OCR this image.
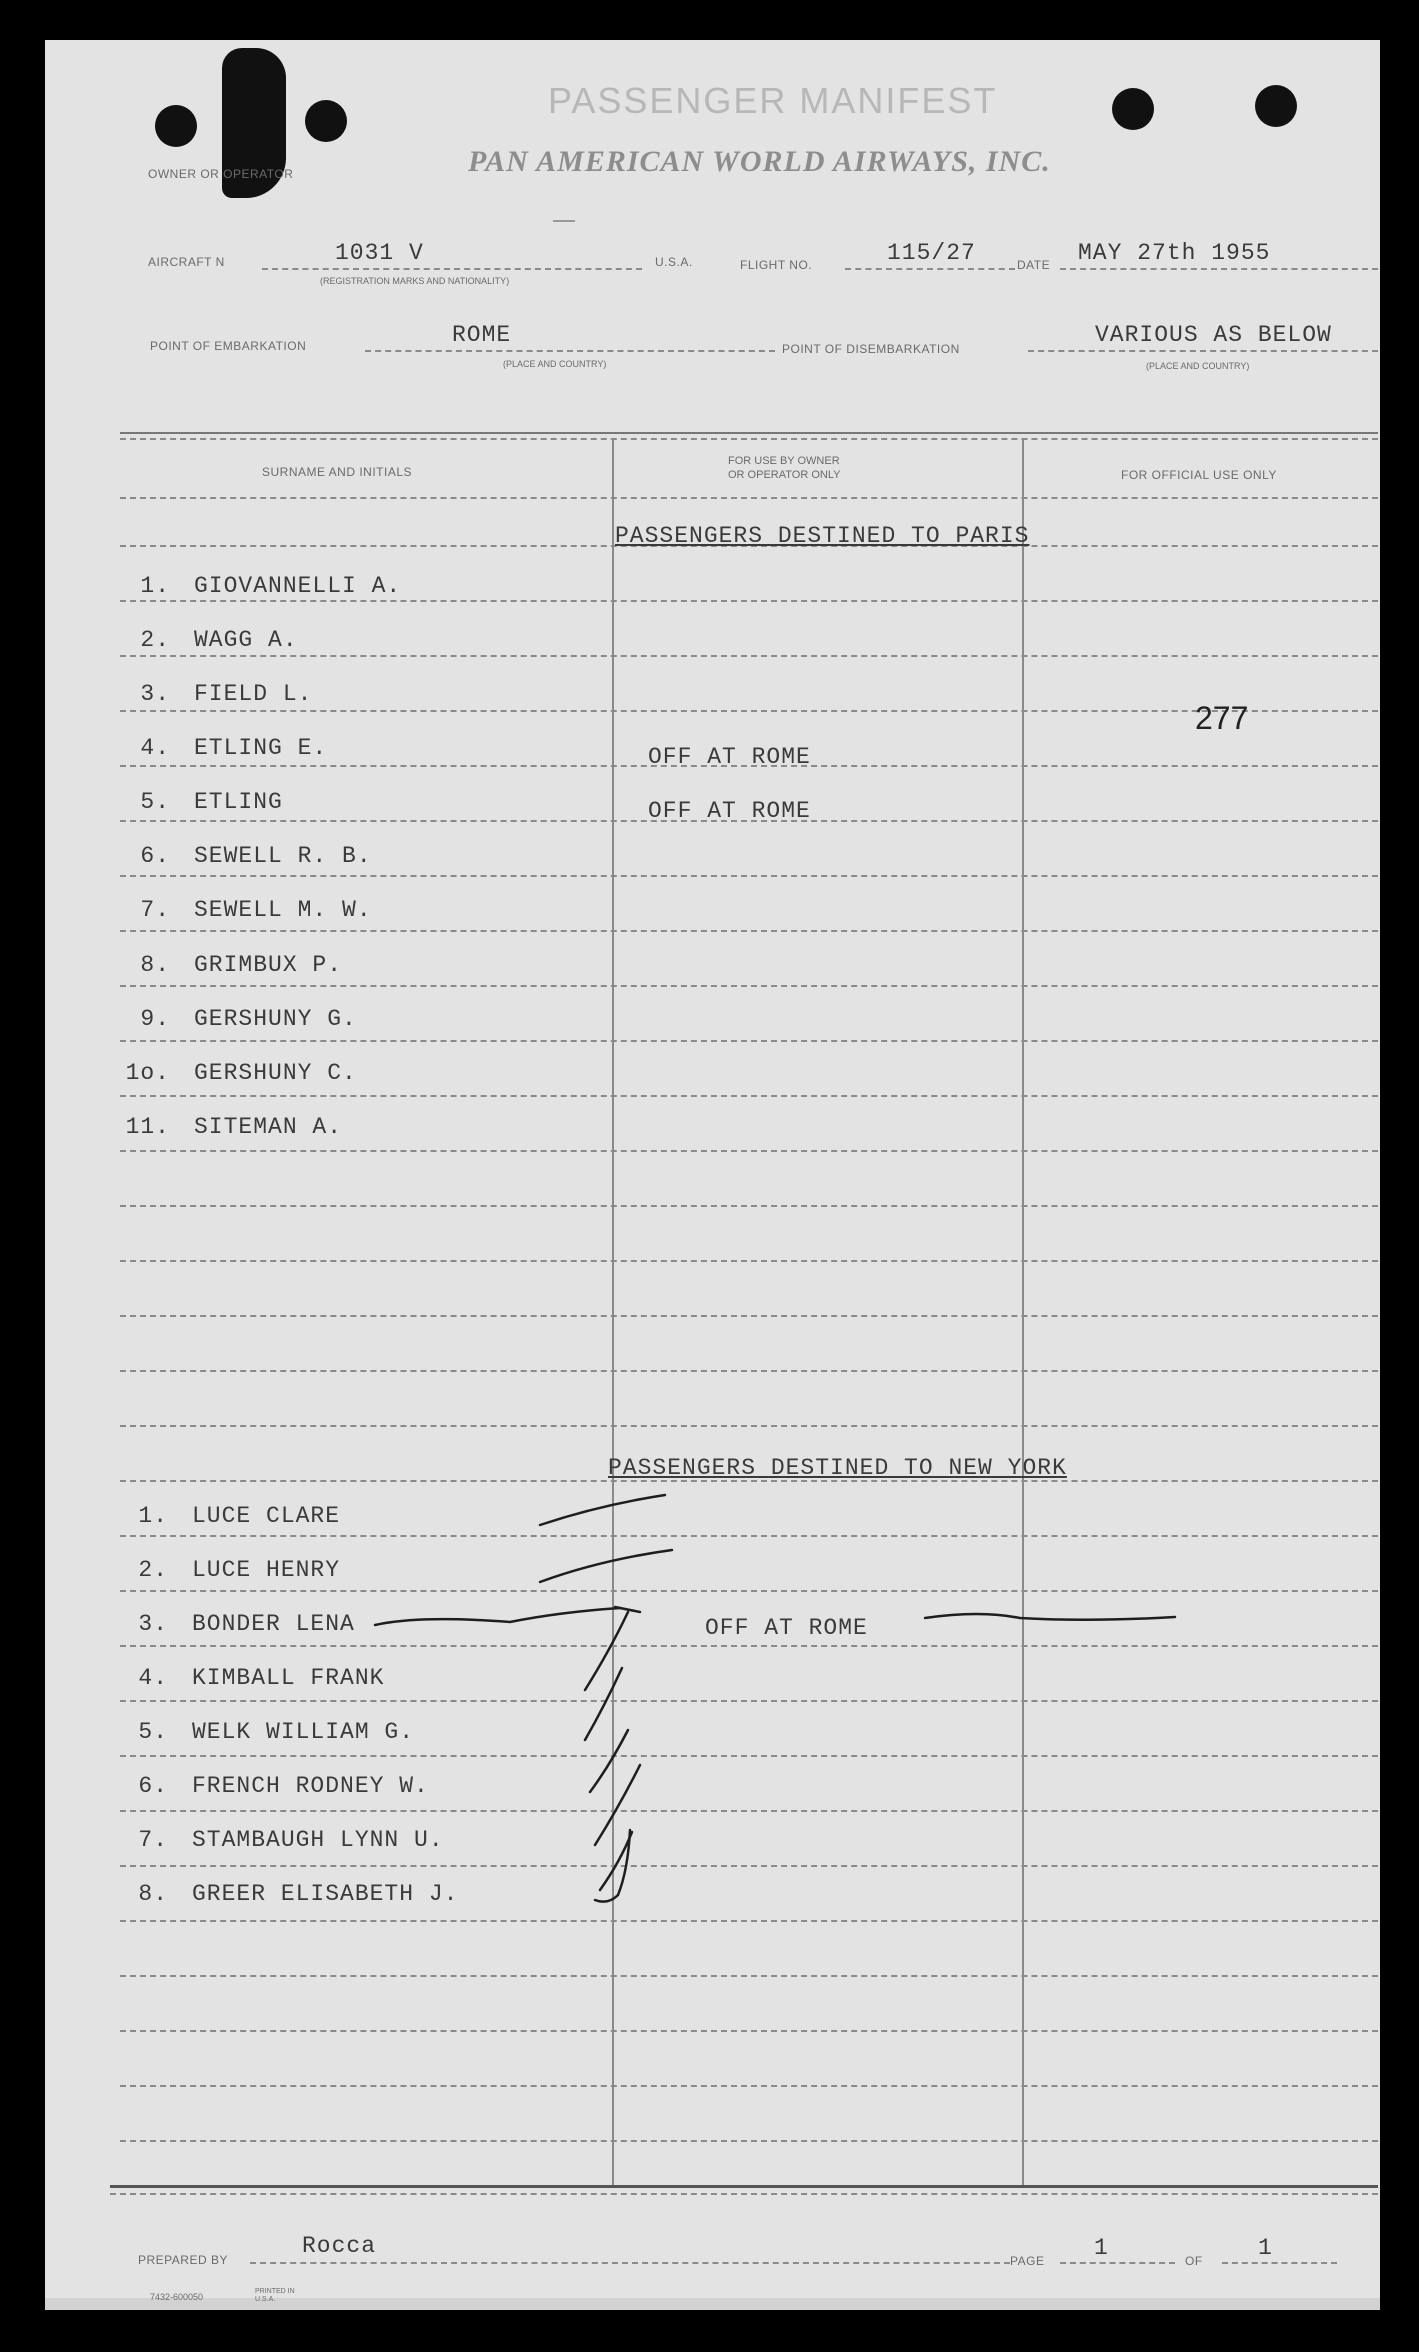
PASSENGER MANIFEST
PAN AMERICAN WORLD AIRWAYS, INC.
OWNER OR OPERATOR
AIRCRAFT N	1031 V
(REGISTRATION MARKS AND NATIONALITY)
U.S.A.	FLIGHT NO.	115/27	DATE MAY 27th 1955
POINT OF EMBARKATION	ROME
(PLACE AND COUNTRY)
POINT OF DISEMBARKATION
VARIOUS AS BELOW
(PLACE AND COUNTRY)
SURNAME AND INITIALS
FOR USE BY OWNER
OR OPERATOR ONLY	FOR OFFICIAL USE ONLY
PASSENGERS DESTINED TO PARIS
277
1. GIOVANNELLI A.
2. WAGG A.
3. FIELD L.
4. ETLING E.	OFF AT ROME
5. ETLING	OFF AT ROME
6. SEWELL R. B.
7. SEWELL M. W.
8. GRIMBUX P.
9. GERSHUNY G.
1o. GERSHUNY C.
11. SITEMAN A.
PASSENGERS DESTINED TO NEW YORK
1. LUCE CLARE
2. LUCE HENRY
3. BONDER LENA	OFF AT ROME
4. KIMBALL FRANK
5. WELK WILLIAM G.
6. FRENCH RODNEY W.
7. STAMBAUGH LYNN U.
8. GREER ELISABETH J.
PREPARED BY
Rocca
PAGE 1	OF 1
7432-600050
PRINTED IN U.S.A.
